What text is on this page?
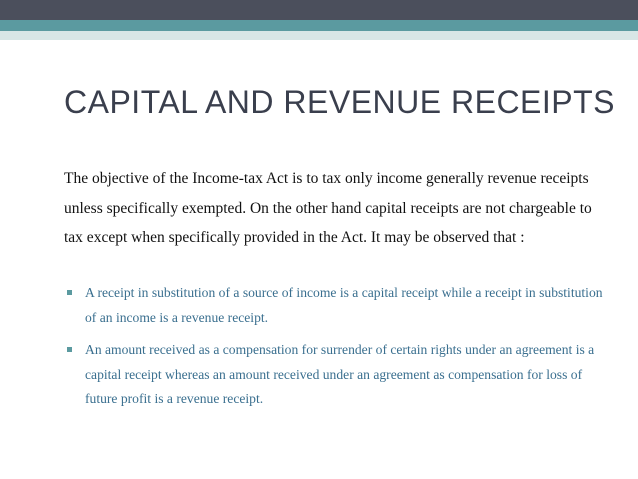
CAPITAL AND REVENUE RECEIPTS

The objective of the Income-tax Act is to tax only income generally revenue receipts unless specifically exempted. On the other hand capital receipts are not chargeable to tax except when specifically provided in the Act. It may be observed that :

A receipt in substitution of a source of income is a capital receipt while a receipt in substitution of an income is a revenue receipt.
An amount received as a compensation for surrender of certain rights under an agreement is a capital receipt whereas an amount received under an agreement as compensation for loss of future profit is a revenue receipt.
